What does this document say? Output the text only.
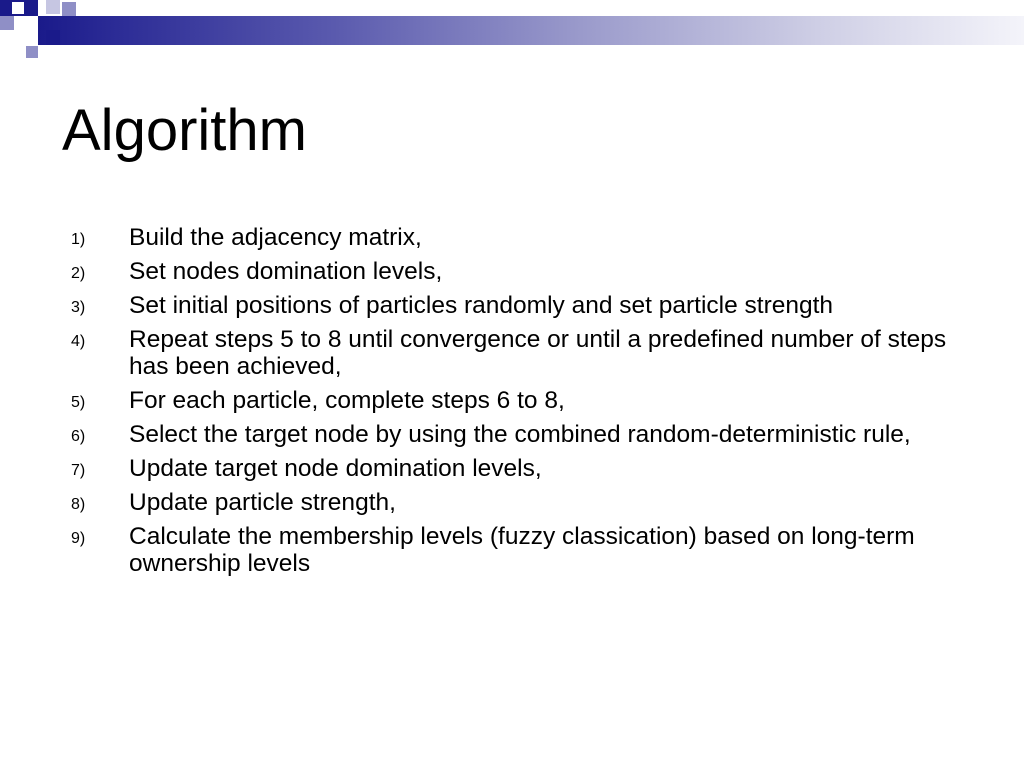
Algorithm
1) Build the adjacency matrix,
2) Set nodes domination levels,
3) Set initial positions of particles randomly and set particle strength
4) Repeat steps 5 to 8 until convergence or until a predefined number of steps has been achieved,
5) For each particle, complete steps 6 to 8,
6) Select the target node by using the combined random-deterministic rule,
7) Update target node domination levels,
8) Update particle strength,
9) Calculate the membership levels (fuzzy classication) based on long-term ownership levels
